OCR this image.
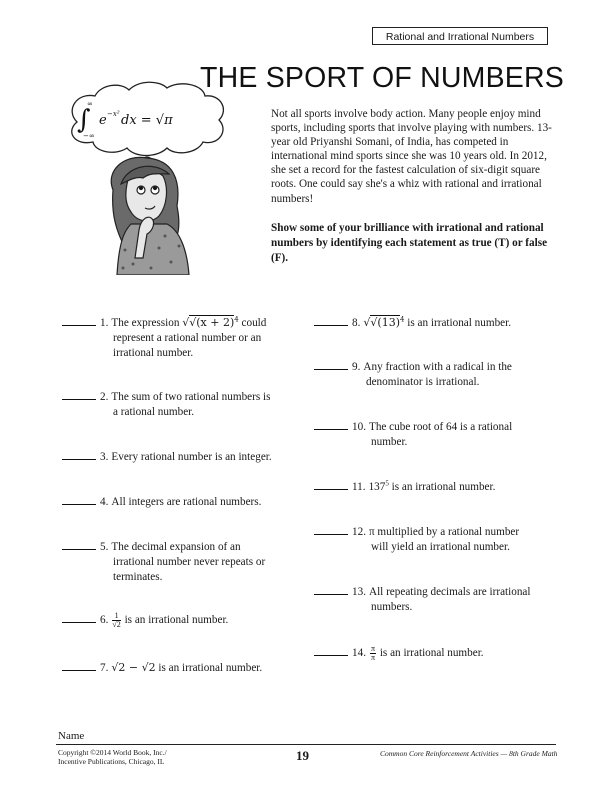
Rational and Irrational Numbers
THE SPORT OF NUMBERS
∫
∞
−∞
e −x² dx = √π	Not all sports involve body action. Many people enjoy mind sports, including sports that involve playing with numbers. 13-year old Priyanshi Somani, of India, has competed in international mind sports since she was 10 years old. In 2012, she set a record for the fastest calculation of six-digit square roots. One could say she's a whiz with rational and irrational numbers!
Show some of your brilliance with irrational and rational numbers by identifying each statement as true (T) or false (F).
1. The expression $√√(x + 2)^4$ could
represent a rational number or an irrational number.
2. The sum of two rational numbers is
a rational number.
3. Every rational number is an integer.
4. All integers are rational numbers.
5. The decimal expansion of an
irrational number never repeats or terminates.
6. $\frac{1}{√2}$ is an irrational number.
7. √2 − √2 is an irrational number.
8. $√√(13)^4$ is an irrational number.
9. Any fraction with a radical in the
denominator is irrational.
10. The cube root of 64 is a rational
number.
11. $137^5$ is an irrational number.
12. π multiplied by a rational number
will yield an irrational number.
13. All repeating decimals are irrational
numbers.
14. $\frac{\pi}{\pi}$ is an irrational number.
Name
Copyright ©2014 World Book, Inc./
Incentive Publications, Chicago, IL	19	Common Core Reinforcement Activities — 8th Grade Math
